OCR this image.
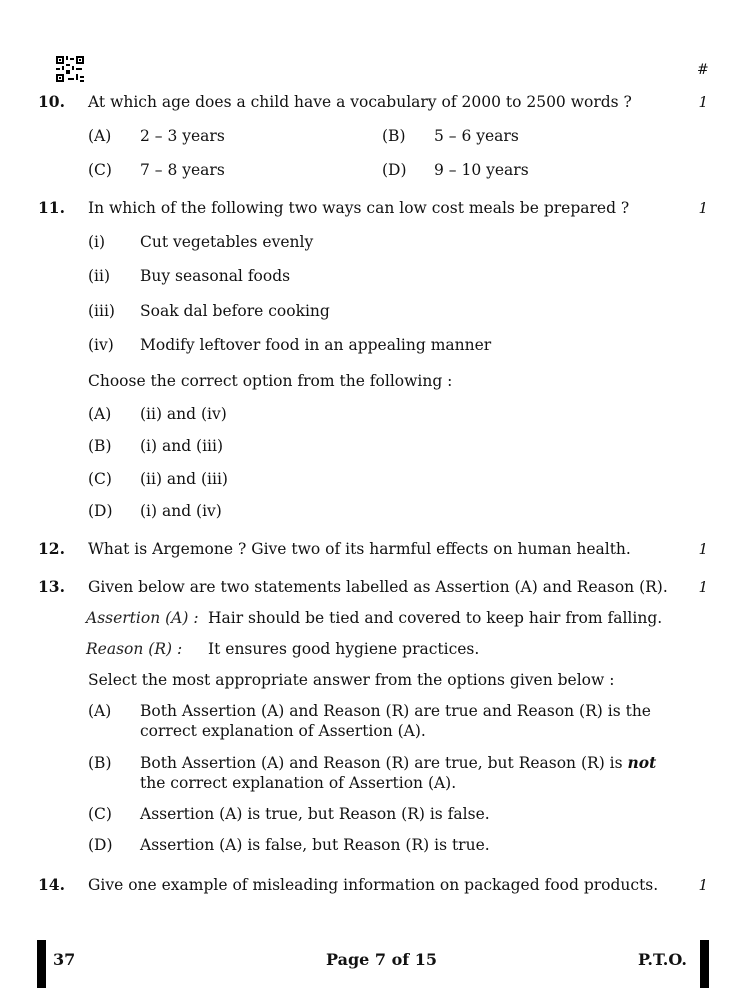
#
10. At which age does a child have a vocabulary of 2000 to 2500 words ?	1
(A) 2 – 3 years	(B) 5 – 6 years
(C) 7 – 8 years	(D) 9 – 10 years
11. In which of the following two ways can low cost meals be prepared ?	1
(i) Cut vegetables evenly
(ii) Buy seasonal foods
(iii) Soak dal before cooking
(iv) Modify leftover food in an appealing manner
Choose the correct option from the following :
(A) (ii) and (iv)
(B) (i) and (iii)
(C) (ii) and (iii)
(D) (i) and (iv)
12. What is Argemone ? Give two of its harmful effects on human health.	1
13. Given below are two statements labelled as Assertion (A) and Reason (R). 1
Assertion (A) : Hair should be tied and covered to keep hair from falling.
Reason (R) : It ensures good hygiene practices.
Select the most appropriate answer from the options given below :
(A) Both Assertion (A) and Reason (R) are true and Reason (R) is the correct explanation of Assertion (A).
(B) Both Assertion (A) and Reason (R) are true, but Reason (R) is not the correct explanation of Assertion (A).
(C) Assertion (A) is true, but Reason (R) is false.
(D) Assertion (A) is false, but Reason (R) is true.
14. Give one example of misleading information on packaged food products.	1
37	Page 7 of 15	P.T.O.
